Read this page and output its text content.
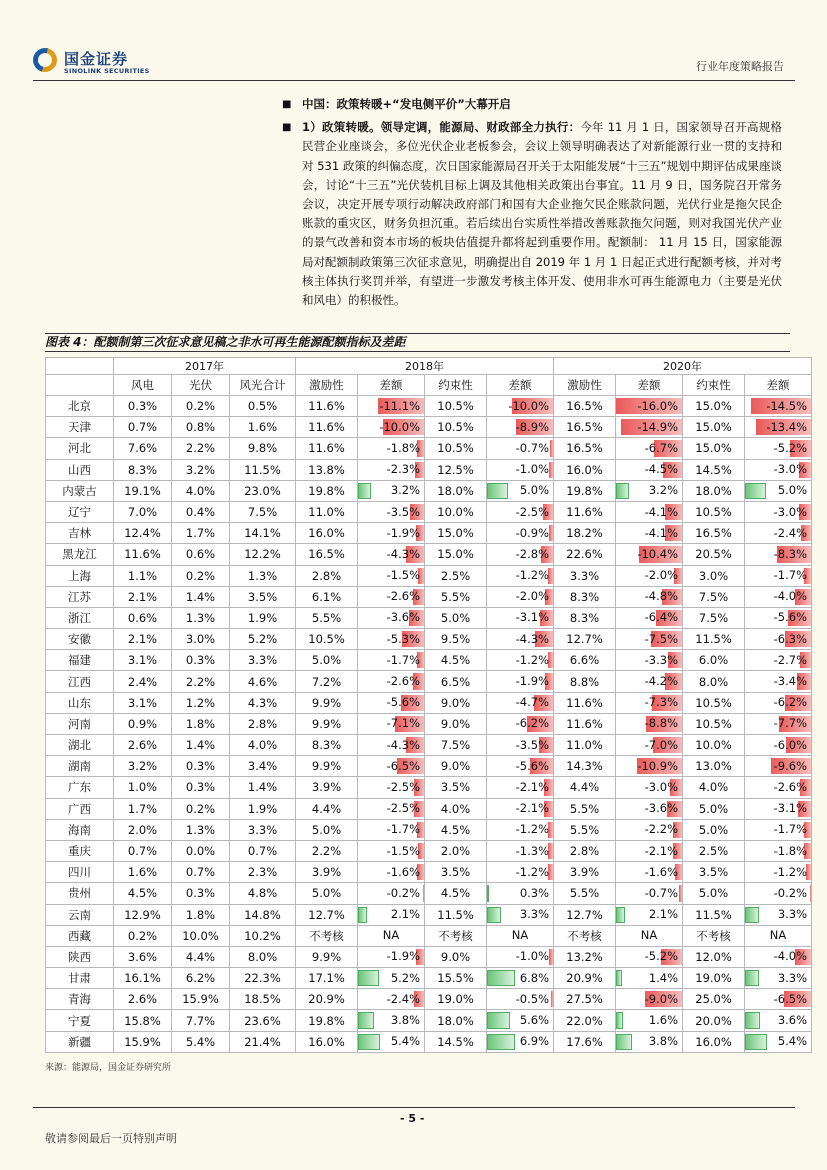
国金证券
SINOLINK SECURITIES	行业年度策略报告
■ 中国：政策转暖+“发电侧平价”大幕开启
■ 1）政策转暖。领导定调，能源局、财政部全力执行：今年 11 月 1 日，国家领导召开高规格民营企业座谈会，多位光伏企业老板参会，会议上领导明确表达了对新能源行业一贯的支持和对 531 政策的纠偏态度，次日国家能源局召开关于太阳能发展“十三五”规划中期评估成果座谈会，讨论“十三五”光伏装机目标上调及其他相关政策出台事宜。11 月 9 日，国务院召开常务会议，决定开展专项行动解决政府部门和国有大企业拖欠民企账款问题，光伏行业是拖欠民企账款的重灾区，财务负担沉重。若后续出台实质性举措改善账款拖欠问题，则对我国光伏产业的景气改善和资本市场的板块估值提升都将起到重要作用。配额制： 11 月 15 日，国家能源局对配额制政策第三次征求意见，明确提出自 2019 年 1 月 1 日起正式进行配额考核，并对考核主体执行奖罚并举，有望进一步激发考核主体开发、使用非水可再生能源电力（主要是光伏和风电）的积极性。
图表 4：配额制第三次征求意见稿之非水可再生能源配额指标及差距
	2017年			2018年				2020年			
	风电	光伏	风光合计	激励性	差额	约束性	差额	激励性	差额	约束性	差额
北京	0.3%	0.2%	0.5%	11.6%	-11.1%	10.5%	-10.0%	16.5%	-16.0%	15.0%	-14.5%

天津	0.7%	0.8%	1.6%	11.6%	-10.0%	10.5%	-8.9%	16.5%	-14.9%	15.0%	-13.4%

河北	7.6%	2.2%	9.8%	11.6%	-1.8%	10.5%	-0.7%	16.5%	-6.7%	15.0%	-5.2%

山西	8.3%	3.2%	11.5%	13.8%	-2.3%	12.5%	-1.0%	16.0%	-4.5%	14.5%	-3.0%

内蒙古	19.1%	4.0%	23.0%	19.8%	3.2%	18.0%	5.0%	19.8%	3.2%	18.0%	5.0%

辽宁	7.0%	0.4%	7.5%	11.0%	-3.5%	10.0%	-2.5%	11.6%	-4.1%	10.5%	-3.0%

吉林	12.4%	1.7%	14.1%	16.0%	-1.9%	15.0%	-0.9%	18.2%	-4.1%	16.5%	-2.4%

黑龙江	11.6%	0.6%	12.2%	16.5%	-4.3%	15.0%	-2.8%	22.6%	-10.4%	20.5%	-8.3%

上海	1.1%	0.2%	1.3%	2.8%	-1.5%	2.5%	-1.2%	3.3%	-2.0%	3.0%	-1.7%

江苏	2.1%	1.4%	3.5%	6.1%	-2.6%	5.5%	-2.0%	8.3%	-4.8%	7.5%	-4.0%

浙江	0.6%	1.3%	1.9%	5.5%	-3.6%	5.0%	-3.1%	8.3%	-6.4%	7.5%	-5.6%

安徽	2.1%	3.0%	5.2%	10.5%	-5.3%	9.5%	-4.3%	12.7%	-7.5%	11.5%	-6.3%

福建	3.1%	0.3%	3.3%	5.0%	-1.7%	4.5%	-1.2%	6.6%	-3.3%	6.0%	-2.7%

江西	2.4%	2.2%	4.6%	7.2%	-2.6%	6.5%	-1.9%	8.8%	-4.2%	8.0%	-3.4%

山东	3.1%	1.2%	4.3%	9.9%	-5.6%	9.0%	-4.7%	11.6%	-7.3%	10.5%	-6.2%

河南	0.9%	1.8%	2.8%	9.9%	-7.1%	9.0%	-6.2%	11.6%	-8.8%	10.5%	-7.7%

湖北	2.6%	1.4%	4.0%	8.3%	-4.3%	7.5%	-3.5%	11.0%	-7.0%	10.0%	-6.0%

湖南	3.2%	0.3%	3.4%	9.9%	-6.5%	9.0%	-5.6%	14.3%	-10.9%	13.0%	-9.6%

广东	1.0%	0.3%	1.4%	3.9%	-2.5%	3.5%	-2.1%	4.4%	-3.0%	4.0%	-2.6%

广西	1.7%	0.2%	1.9%	4.4%	-2.5%	4.0%	-2.1%	5.5%	-3.6%	5.0%	-3.1%

海南	2.0%	1.3%	3.3%	5.0%	-1.7%	4.5%	-1.2%	5.5%	-2.2%	5.0%	-1.7%

重庆	0.7%	0.0%	0.7%	2.2%	-1.5%	2.0%	-1.3%	2.8%	-2.1%	2.5%	-1.8%

四川	1.6%	0.7%	2.3%	3.9%	-1.6%	3.5%	-1.2%	3.9%	-1.6%	3.5%	-1.2%

贵州	4.5%	0.3%	4.8%	5.0%	-0.2%	4.5%	0.3%	5.5%	-0.7%	5.0%	-0.2%

云南	12.9%	1.8%	14.8%	12.7%	2.1%	11.5%	3.3%	12.7%	2.1%	11.5%	3.3%

西藏	0.2%	10.0%	10.2%	不考核	NA	不考核	NA	不考核	NA	不考核	NA

陕西	3.6%	4.4%	8.0%	9.9%	-1.9%	9.0%	-1.0%	13.2%	-5.2%	12.0%	-4.0%

甘肃	16.1%	6.2%	22.3%	17.1%	5.2%	15.5%	6.8%	20.9%	1.4%	19.0%	3.3%

青海	2.6%	15.9%	18.5%	20.9%	-2.4%	19.0%	-0.5%	27.5%	-9.0%	25.0%	-6.5%

宁夏	15.8%	7.7%	23.6%	19.8%	3.8%	18.0%	5.6%	22.0%	1.6%	20.0%	3.6%

新疆	15.9%	5.4%	21.4%	16.0%	5.4%	14.5%	6.9%	17.6%	3.8%	16.0%	5.4%
来源：能源局，国金证券研究所
- 5 -
敬请参阅最后一页特别声明
